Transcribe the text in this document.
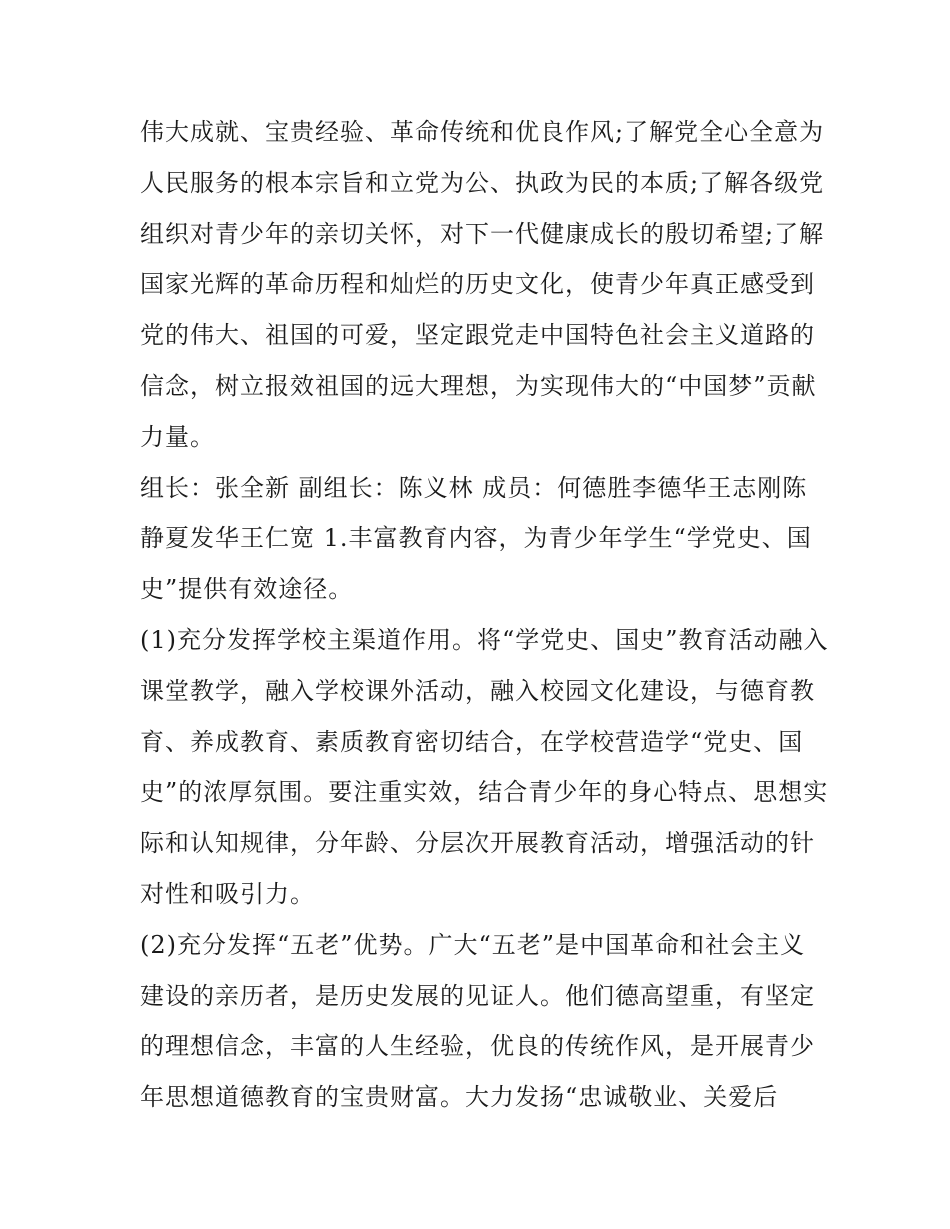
伟大成就、宝贵经验、革命传统和优良作风;了解党全心全意为人民服务的根本宗旨和立党为公、执政为民的本质;了解各级党组织对青少年的亲切关怀，对下一代健康成长的殷切希望;了解国家光辉的革命历程和灿烂的历史文化，使青少年真正感受到党的伟大、祖国的可爱，坚定跟党走中国特色社会主义道路的信念，树立报效祖国的远大理想，为实现伟大的“中国梦”贡献力量。

组长：张全新 副组长：陈义林 成员：何德胜李德华王志刚陈静夏发华王仁宽 1.丰富教育内容，为青少年学生“学党史、国史”提供有效途径。

(1)充分发挥学校主渠道作用。将“学党史、国史”教育活动融入课堂教学，融入学校课外活动，融入校园文化建设，与德育教育、养成教育、素质教育密切结合，在学校营造学“党史、国史”的浓厚氛围。要注重实效，结合青少年的身心特点、思想实际和认知规律，分年龄、分层次开展教育活动，增强活动的针对性和吸引力。

(2)充分发挥“五老”优势。广大“五老”是中国革命和社会主义建设的亲历者，是历史发展的见证人。他们德高望重，有坚定的理想信念，丰富的人生经验，优良的传统作风，是开展青少年思想道德教育的宝贵财富。大力发扬“忠诚敬业、关爱后
